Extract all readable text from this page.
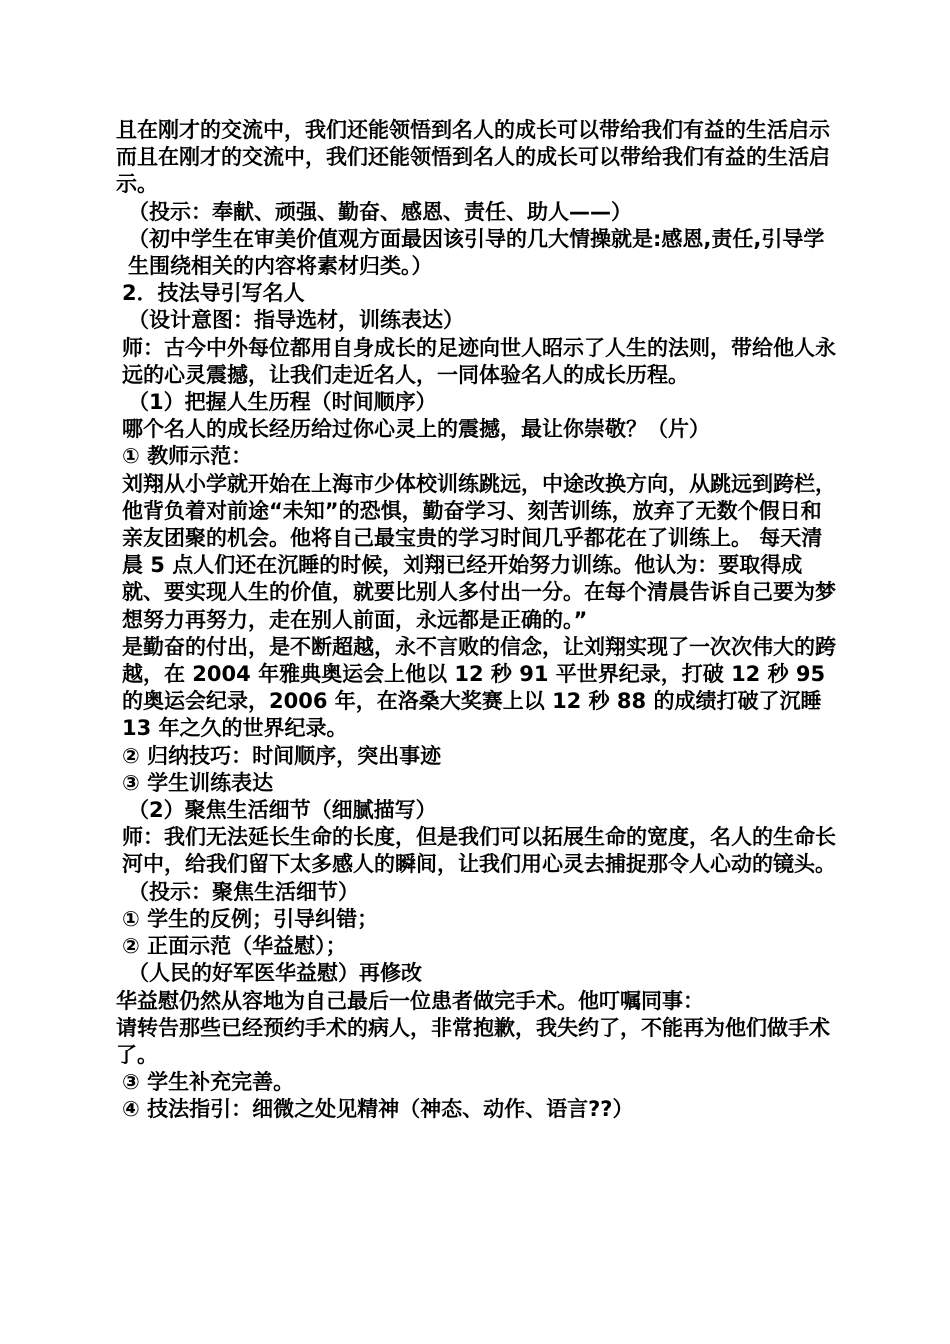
且在刚才的交流中，我们还能领悟到名人的成长可以带给我们有益的生活启示而且在刚才的交流中，我们还能领悟到名人的成长可以带给我们有益的生活启示。

（投示：奉献、顽强、勤奋、感恩、责任、助人——）

（初中学生在审美价值观方面最因该引导的几大情操就是:感恩,责任,引导学生围绕相关的内容将素材归类。）

2．技法导引写名人

（设计意图：指导选材，训练表达）

师：古今中外每位都用自身成长的足迹向世人昭示了人生的法则，带给他人永远的心灵震撼，让我们走近名人，一同体验名人的成长历程。

（1）把握人生历程（时间顺序）

哪个名人的成长经历给过你心灵上的震撼，最让你崇敬？（片）

① 教师示范：

刘翔从小学就开始在上海市少体校训练跳远，中途改换方向，从跳远到跨栏，他背负着对前途“未知”的恐惧，勤奋学习、刻苦训练，放弃了无数个假日和亲友团聚的机会。他将自己最宝贵的学习时间几乎都花在了训练上。 每天清晨 5 点人们还在沉睡的时候，刘翔已经开始努力训练。他认为：要取得成就、要实现人生的价值，就要比别人多付出一分。在每个清晨告诉自己要为梦想努力再努力，走在别人前面，永远都是正确的。”

是勤奋的付出，是不断超越，永不言败的信念，让刘翔实现了一次次伟大的跨越，在 2004 年雅典奥运会上他以 12 秒 91 平世界纪录，打破 12 秒 95 的奥运会纪录，2006 年，在洛桑大奖赛上以 12 秒 88 的成绩打破了沉睡 13 年之久的世界纪录。

② 归纳技巧：时间顺序，突出事迹

③ 学生训练表达

（2）聚焦生活细节（细腻描写）

师：我们无法延长生命的长度，但是我们可以拓展生命的宽度，名人的生命长河中，给我们留下太多感人的瞬间，让我们用心灵去捕捉那令人心动的镜头。

（投示：聚焦生活细节）

① 学生的反例；引导纠错；

② 正面示范（华益慰）；

（人民的好军医华益慰）再修改

华益慰仍然从容地为自己最后一位患者做完手术。他叮嘱同事：

请转告那些已经预约手术的病人，非常抱歉，我失约了，不能再为他们做手术了。

③ 学生补充完善。

④ 技法指引：细微之处见精神（神态、动作、语言??）
